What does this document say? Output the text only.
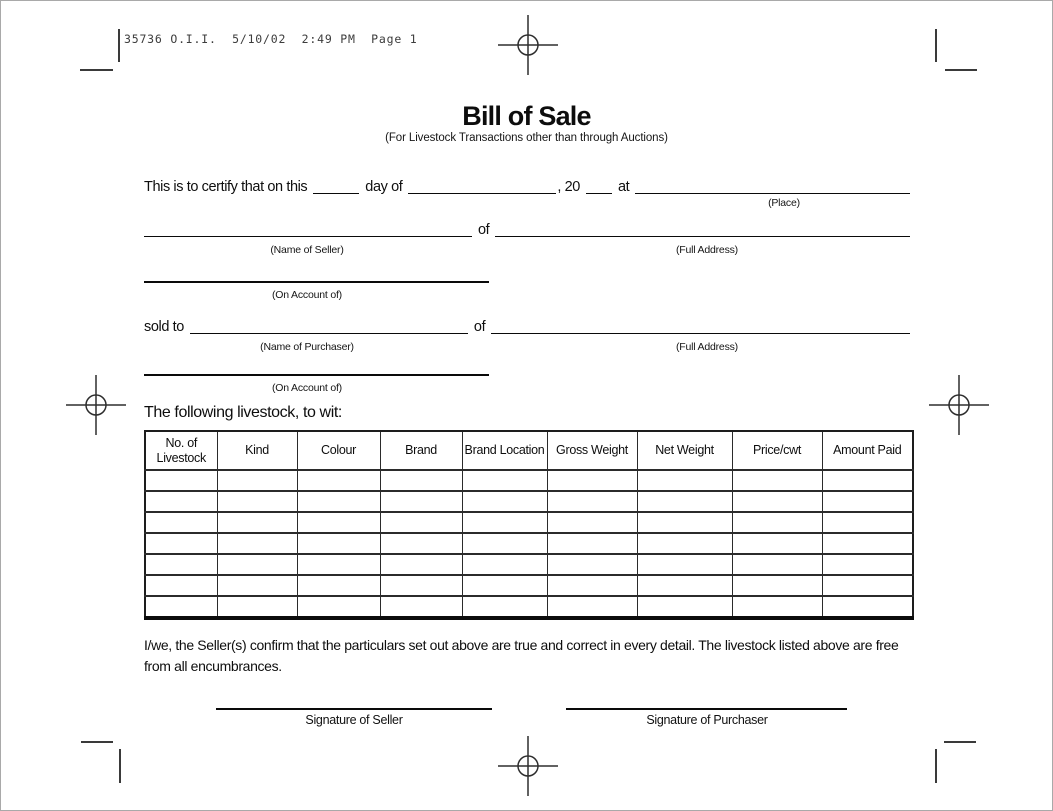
35736 O.I.I.  5/10/02  2:49 PM  Page 1
Bill of Sale
(For Livestock Transactions other than through Auctions)
This is to certify that on this	day of	, 20	at
(Place)
of
(Name of Seller)	(Full Address)
(On Account of)
sold to	of
(Name of Purchaser)	(Full Address)
(On Account of)
The following livestock, to wit:
No. of Livestock	Kind	Colour	Brand	Brand Location	Gross Weight	Net Weight	Price/cwt	Amount Paid

I/we, the Seller(s) confirm that the particulars set out above are true and correct in every detail. The livestock listed above are free from all encumbrances.
Signature of Seller	Signature of Purchaser
